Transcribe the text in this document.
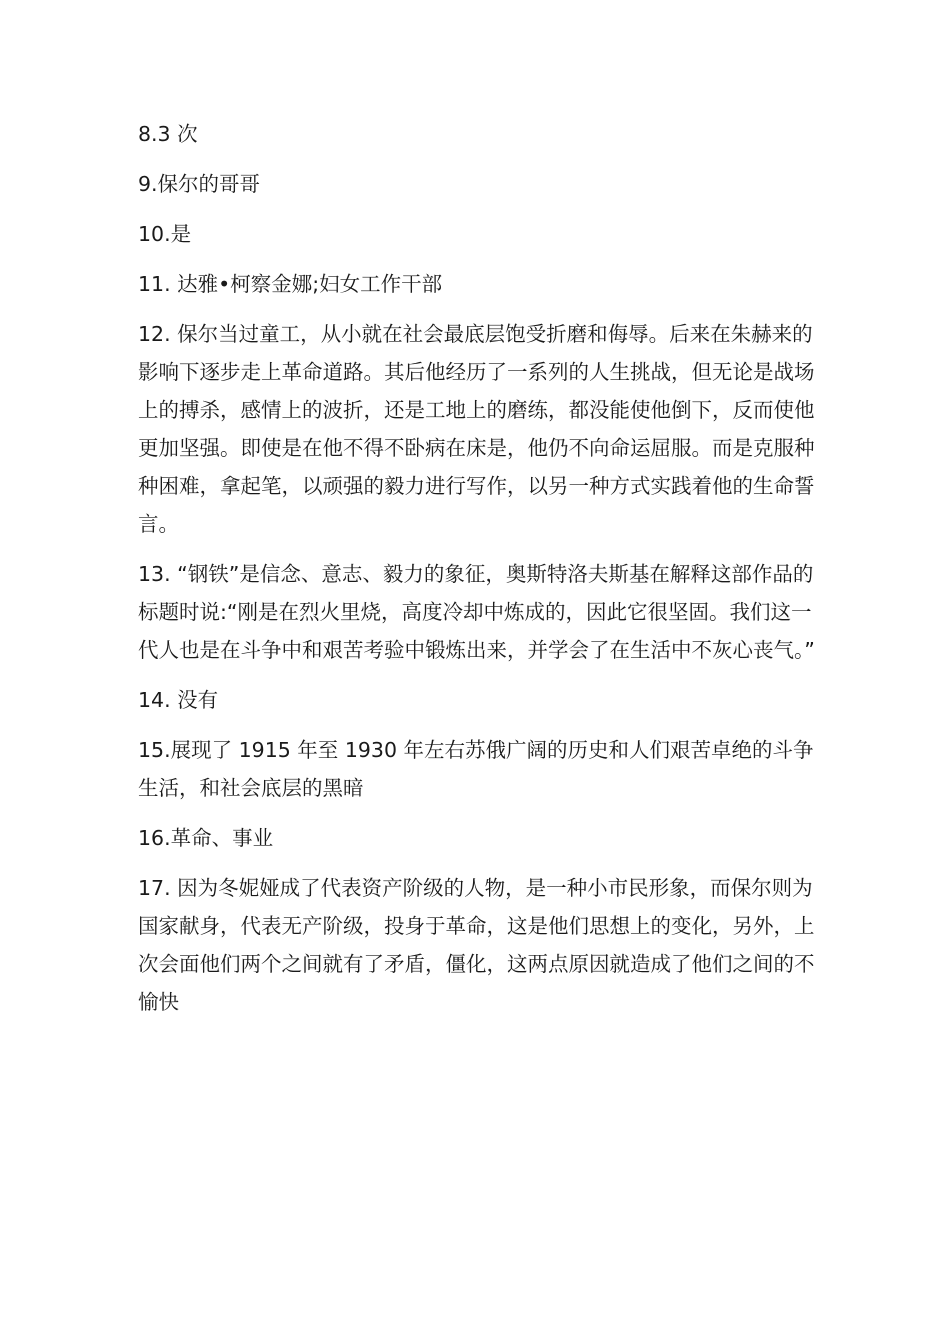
8.3 次

9.保尔的哥哥

10.是

11. 达雅•柯察金娜;妇女工作干部

12. 保尔当过童工，从小就在社会最底层饱受折磨和侮辱。后来在朱赫来的影响下逐步走上革命道路。其后他经历了一系列的人生挑战，但无论是战场上的搏杀，感情上的波折，还是工地上的磨练，都没能使他倒下，反而使他更加坚强。即使是在他不得不卧病在床是，他仍不向命运屈服。而是克服种种困难，拿起笔，以顽强的毅力进行写作，以另一种方式实践着他的生命誓言。

13. “钢铁”是信念、意志、毅力的象征，奥斯特洛夫斯基在解释这部作品的标题时说:“刚是在烈火里烧，高度冷却中炼成的，因此它很坚固。我们这一代人也是在斗争中和艰苦考验中锻炼出来，并学会了在生活中不灰心丧气。”

14. 没有

15.展现了 1915 年至 1930 年左右苏俄广阔的历史和人们艰苦卓绝的斗争生活，和社会底层的黑暗

16.革命、事业

17. 因为冬妮娅成了代表资产阶级的人物，是一种小市民形象，而保尔则为国家献身，代表无产阶级，投身于革命，这是他们思想上的变化，另外，上次会面他们两个之间就有了矛盾，僵化，这两点原因就造成了他们之间的不愉快
